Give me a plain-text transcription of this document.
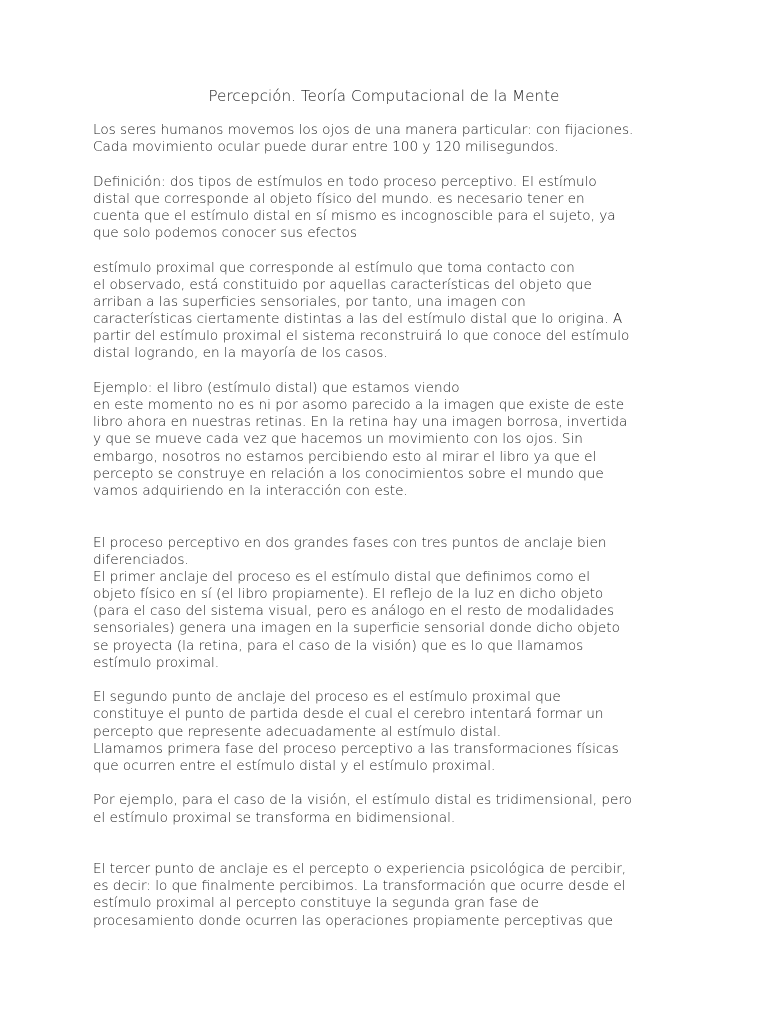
Percepción. Teoría Computacional de la Mente
Los seres humanos movemos los ojos de una manera particular: con fijaciones.
Cada movimiento ocular puede durar entre 100 y 120 milisegundos.
Definición: dos tipos de estímulos en todo proceso perceptivo. El estímulo
distal que corresponde al objeto físico del mundo. es necesario tener en
cuenta que el estímulo distal en sí mismo es incognoscible para el sujeto, ya
que solo podemos conocer sus efectos
estímulo proximal que corresponde al estímulo que toma contacto con
el observado, está constituido por aquellas características del objeto que
arriban a las superficies sensoriales, por tanto, una imagen con
características ciertamente distintas a las del estímulo distal que lo origina. A
partir del estímulo proximal el sistema reconstruirá lo que conoce del estímulo
distal logrando, en la mayoría de los casos.
Ejemplo: el libro (estímulo distal) que estamos viendo
en este momento no es ni por asomo parecido a la imagen que existe de este
libro ahora en nuestras retinas. En la retina hay una imagen borrosa, invertida
y que se mueve cada vez que hacemos un movimiento con los ojos. Sin
embargo, nosotros no estamos percibiendo esto al mirar el libro ya que el
percepto se construye en relación a los conocimientos sobre el mundo que
vamos adquiriendo en la interacción con este.
El proceso perceptivo en dos grandes fases con tres puntos de anclaje bien
diferenciados.
El primer anclaje del proceso es el estímulo distal que definimos como el
objeto físico en sí (el libro propiamente). El reflejo de la luz en dicho objeto
(para el caso del sistema visual, pero es análogo en el resto de modalidades
sensoriales) genera una imagen en la superficie sensorial donde dicho objeto
se proyecta (la retina, para el caso de la visión) que es lo que llamamos
estímulo proximal.
El segundo punto de anclaje del proceso es el estímulo proximal que
constituye el punto de partida desde el cual el cerebro intentará formar un
percepto que represente adecuadamente al estímulo distal.
Llamamos primera fase del proceso perceptivo a las transformaciones físicas
que ocurren entre el estímulo distal y el estímulo proximal.
Por ejemplo, para el caso de la visión, el estímulo distal es tridimensional, pero
el estímulo proximal se transforma en bidimensional.
El tercer punto de anclaje es el percepto o experiencia psicológica de percibir,
es decir: lo que finalmente percibimos. La transformación que ocurre desde el
estímulo proximal al percepto constituye la segunda gran fase de
procesamiento donde ocurren las operaciones propiamente perceptivas que
